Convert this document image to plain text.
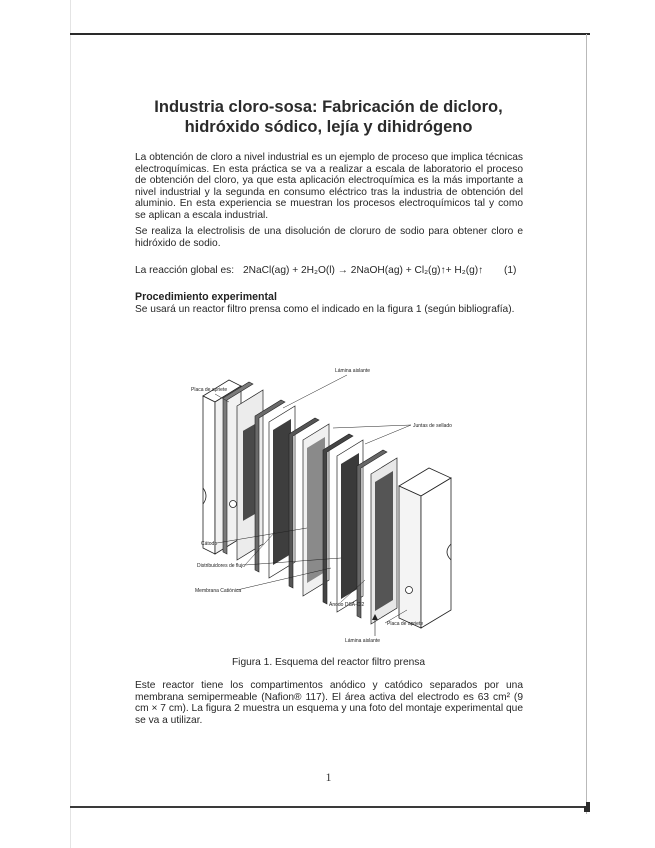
Industria cloro-sosa: Fabricación de dicloro,
hidróxido sódico, lejía y dihidrógeno

La obtención de cloro a nivel industrial es un ejemplo de proceso que implica técnicas electroquímicas. En esta práctica se va a realizar a escala de laboratorio el proceso de obtención del cloro, ya que esta aplicación electroquímica es la más importante a nivel industrial y la segunda en consumo eléctrico tras la industria de obtención del aluminio. En esta experiencia se muestran los procesos electroquímicos tal y como se aplican a escala industrial.

Se realiza la electrolisis de una disolución de cloruro de sodio para obtener cloro e hidróxido de sodio.

La reacción global es: 2NaCl(ag) + 2H₂O(l) → 2NaOH(ag) + Cl₂(g)↑+ H₂(g)↑ (1)
Procedimiento experimental
Se usará un reactor filtro prensa como el indicado en la figura 1 (según bibliografía).
Lámina aislante
Placa de apriete
Juntas de sellado
Cátodo
Distribuidores de flujo
Membrana Catiónica
Ánodo DSA-Cl2
Placa de apriete
Lámina aislante
Figura 1. Esquema del reactor filtro prensa

Este reactor tiene los compartimentos anódico y catódico separados por una membrana semipermeable (Nafion® 117). El área activa del electrodo es 63 cm² (9 cm × 7 cm). La figura 2 muestra un esquema y una foto del montaje experimental que se va a utilizar.

1
